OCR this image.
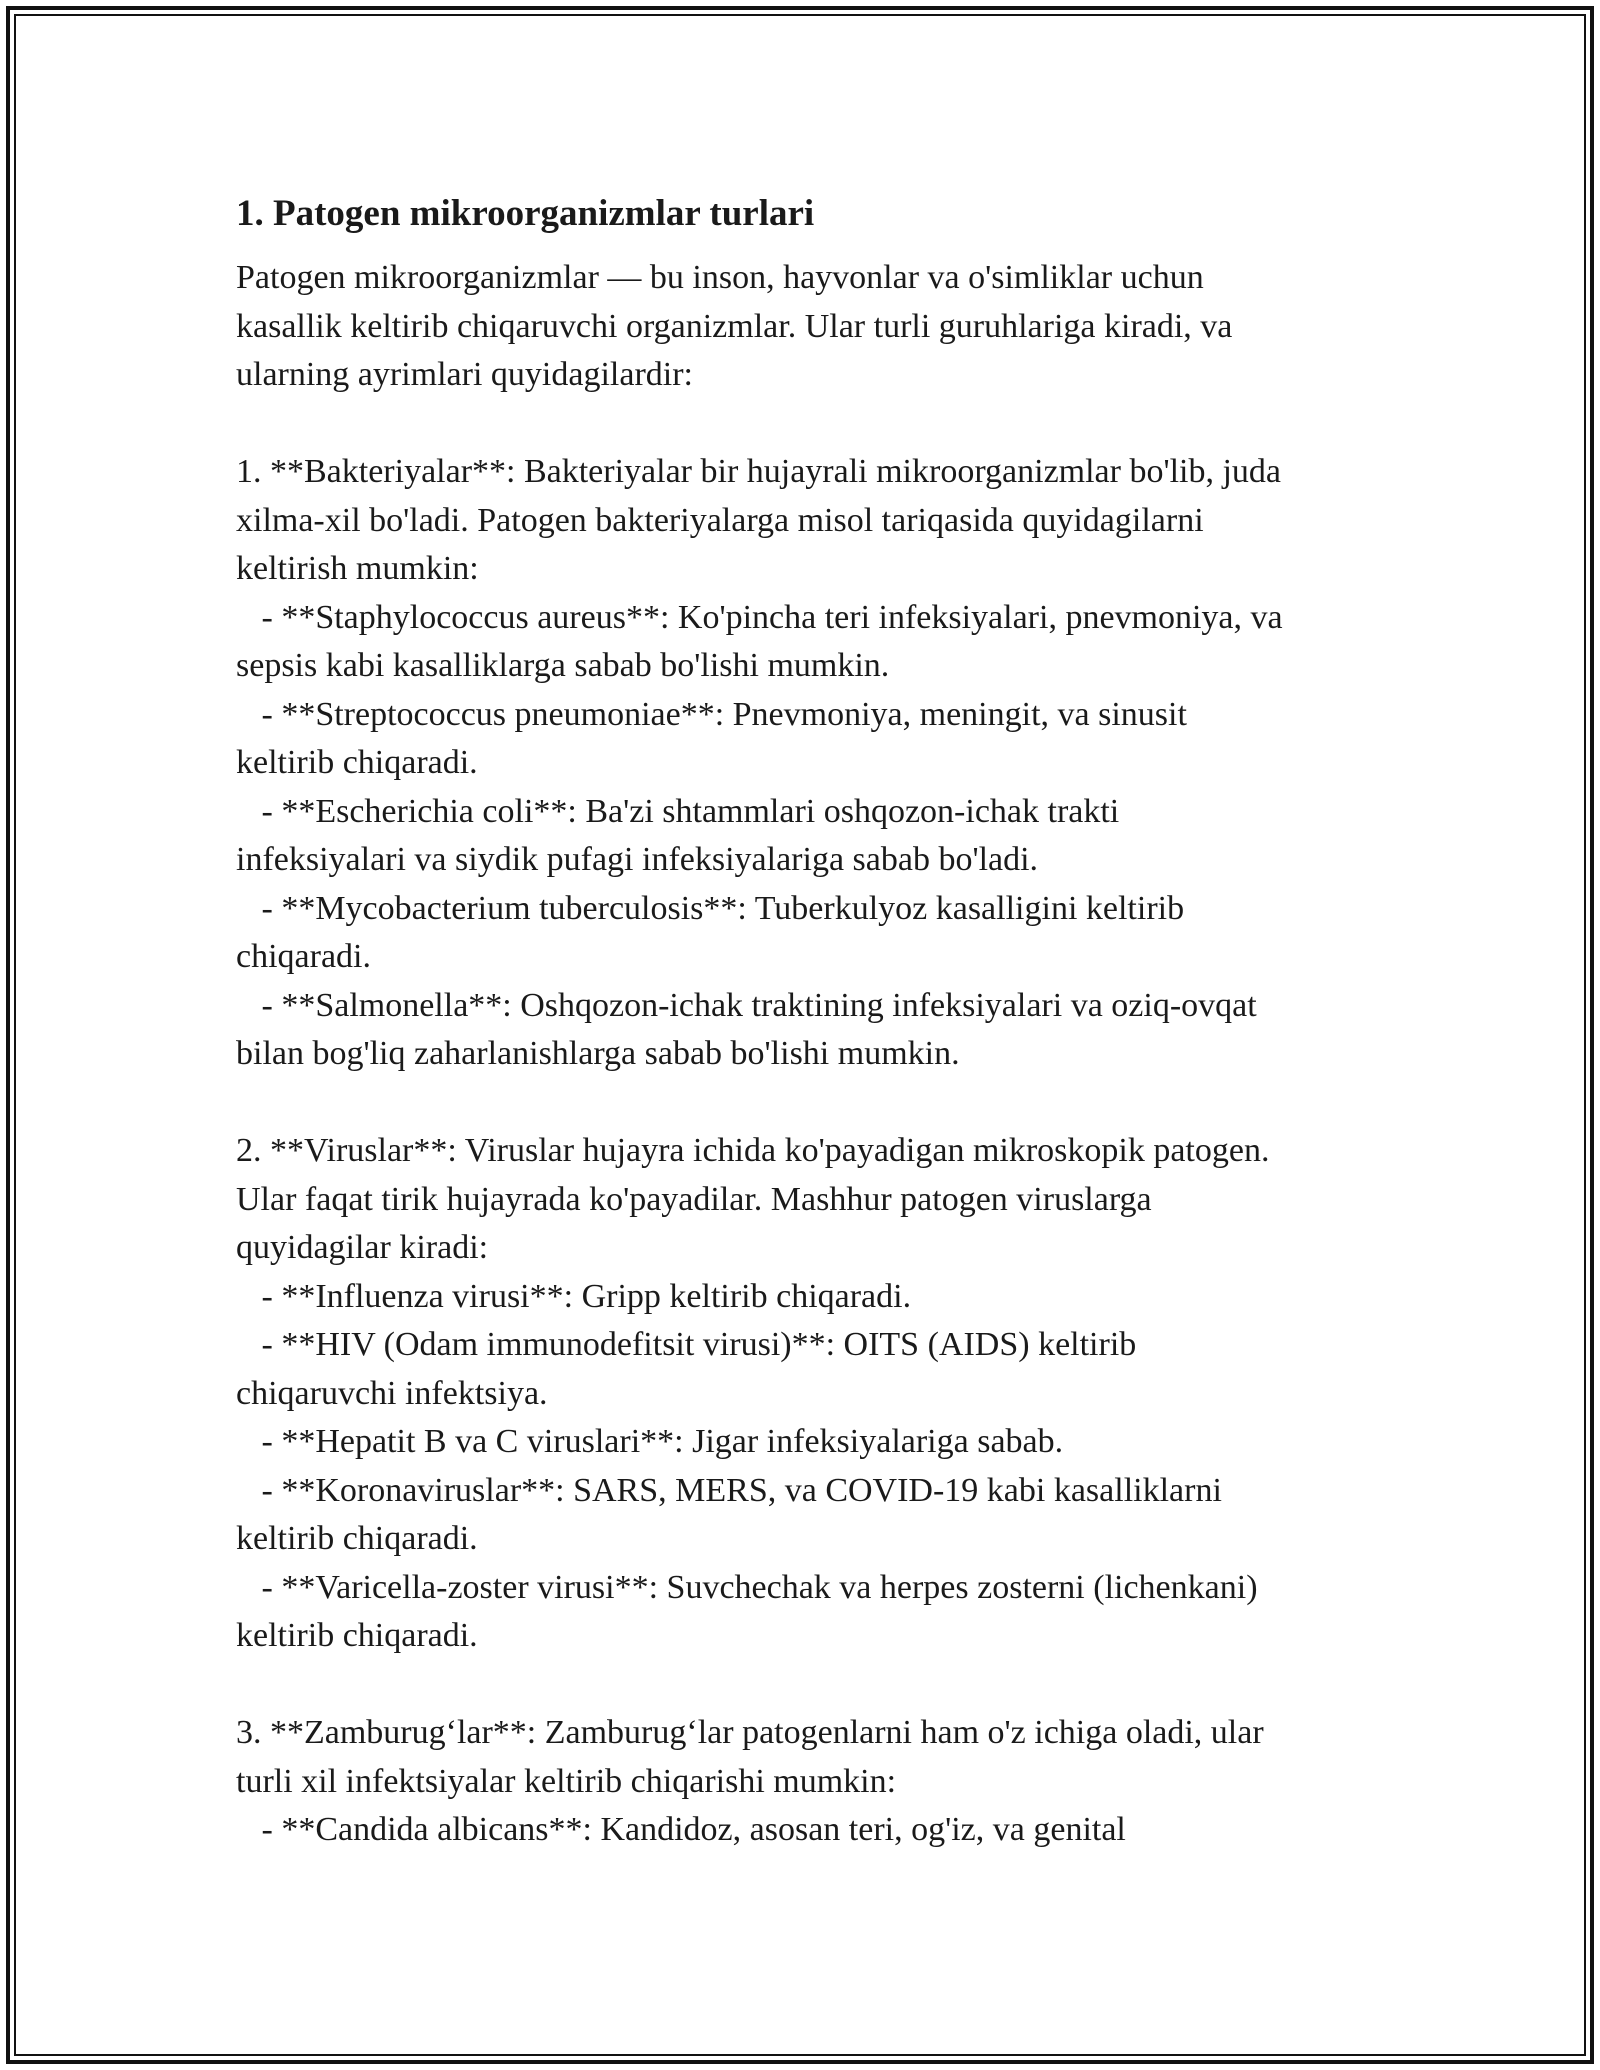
1. Patogen mikroorganizmlar turlari

Patogen mikroorganizmlar — bu inson, hayvonlar va o'simliklar uchun
kasallik keltirib chiqaruvchi organizmlar. Ular turli guruhlariga kiradi, va
ularning ayrimlari quyidagilardir:

1. **Bakteriyalar**: Bakteriyalar bir hujayrali mikroorganizmlar bo'lib, juda
xilma-xil bo'ladi. Patogen bakteriyalarga misol tariqasida quyidagilarni
keltirish mumkin:

- **Staphylococcus aureus**: Ko'pincha teri infeksiyalari, pnevmoniya, va
sepsis kabi kasalliklarga sabab bo'lishi mumkin.

- **Streptococcus pneumoniae**: Pnevmoniya, meningit, va sinusit
keltirib chiqaradi.

- **Escherichia coli**: Ba'zi shtammlari oshqozon-ichak trakti
infeksiyalari va siydik pufagi infeksiyalariga sabab bo'ladi.

- **Mycobacterium tuberculosis**: Tuberkulyoz kasalligini keltirib
chiqaradi.

- **Salmonella**: Oshqozon-ichak traktining infeksiyalari va oziq-ovqat
bilan bog'liq zaharlanishlarga sabab bo'lishi mumkin.

2. **Viruslar**: Viruslar hujayra ichida ko'payadigan mikroskopik patogen.
Ular faqat tirik hujayrada ko'payadilar. Mashhur patogen viruslarga
quyidagilar kiradi:

- **Influenza virusi**: Gripp keltirib chiqaradi.

- **HIV (Odam immunodefitsit virusi)**: OITS (AIDS) keltirib
chiqaruvchi infektsiya.

- **Hepatit B va C viruslari**: Jigar infeksiyalariga sabab.

- **Koronaviruslar**: SARS, MERS, va COVID-19 kabi kasalliklarni
keltirib chiqaradi.

- **Varicella-zoster virusi**: Suvchechak va herpes zosterni (lichenkani)
keltirib chiqaradi.

3. **Zamburug‘lar**: Zamburug‘lar patogenlarni ham o'z ichiga oladi, ular
turli xil infektsiyalar keltirib chiqarishi mumkin:

- **Candida albicans**: Kandidoz, asosan teri, og'iz, va genital
